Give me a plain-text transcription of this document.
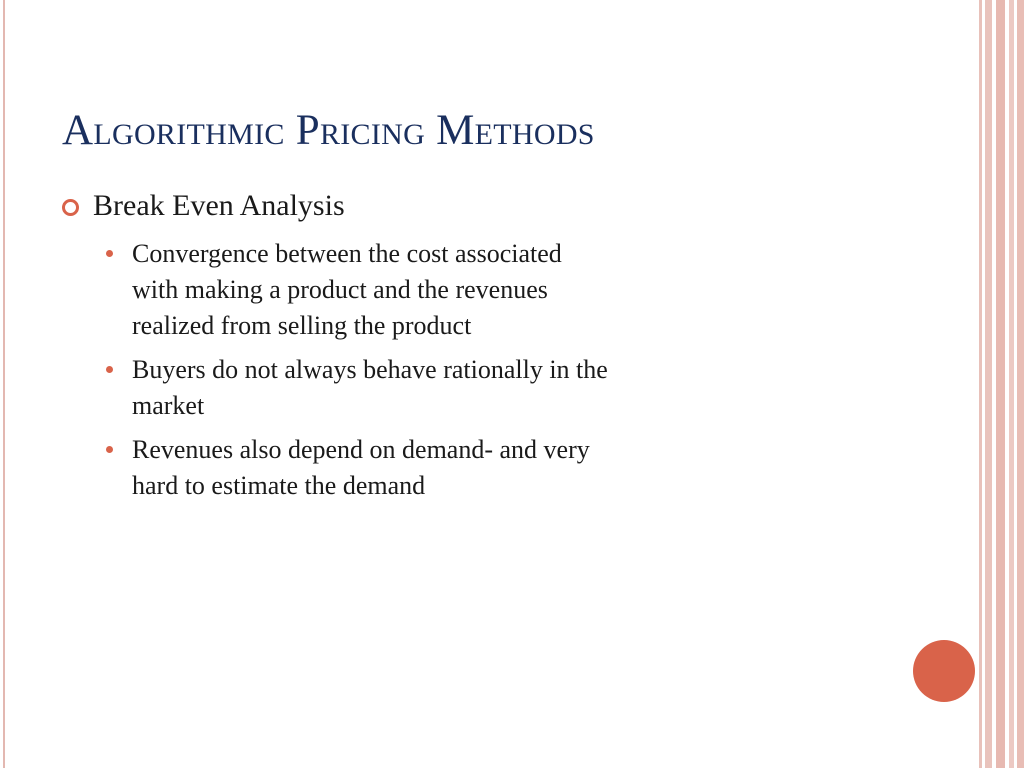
Algorithmic Pricing Methods
Break Even Analysis
Convergence between the cost associated with making a product and the revenues realized from selling the product
Buyers do not always behave rationally in the market
Revenues also depend on demand- and very hard to estimate the demand
